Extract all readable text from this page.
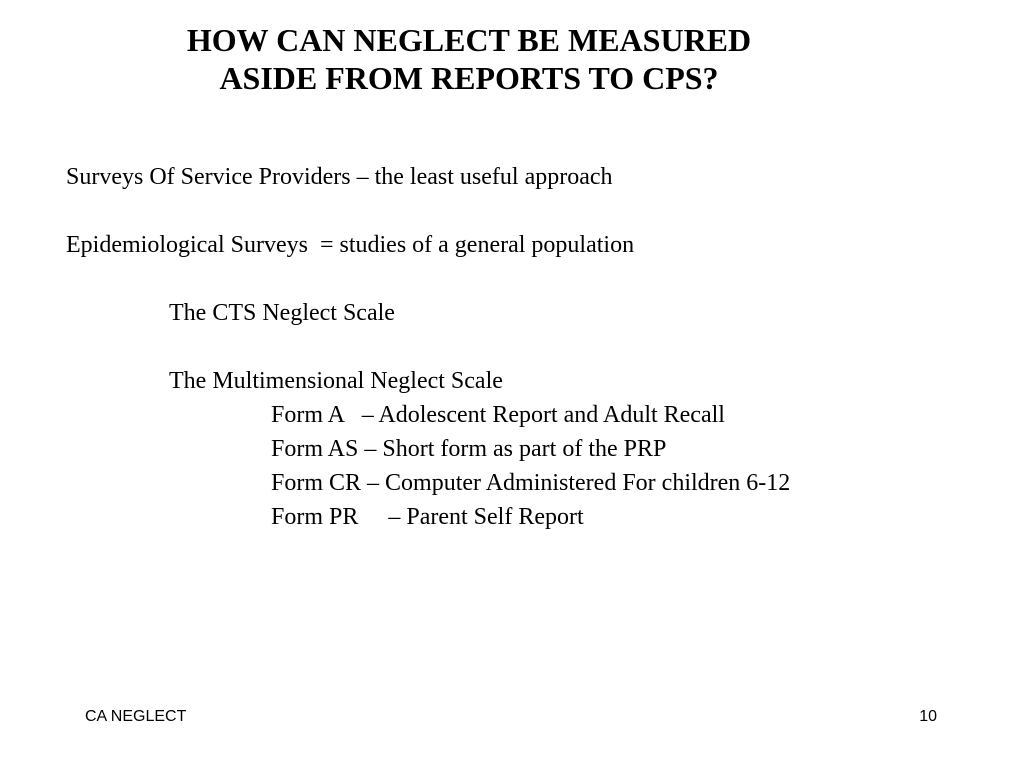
HOW CAN NEGLECT BE MEASURED
ASIDE FROM REPORTS TO CPS?

Surveys Of Service Providers – the least useful approach

Epidemiological Surveys  = studies of a general population

The CTS Neglect Scale

The Multimensional Neglect Scale

Form A   – Adolescent Report and Adult Recall

Form AS – Short form as part of the PRP

Form CR – Computer Administered For children 6-12

Form PR     – Parent Self Report

CA NEGLECT	10
